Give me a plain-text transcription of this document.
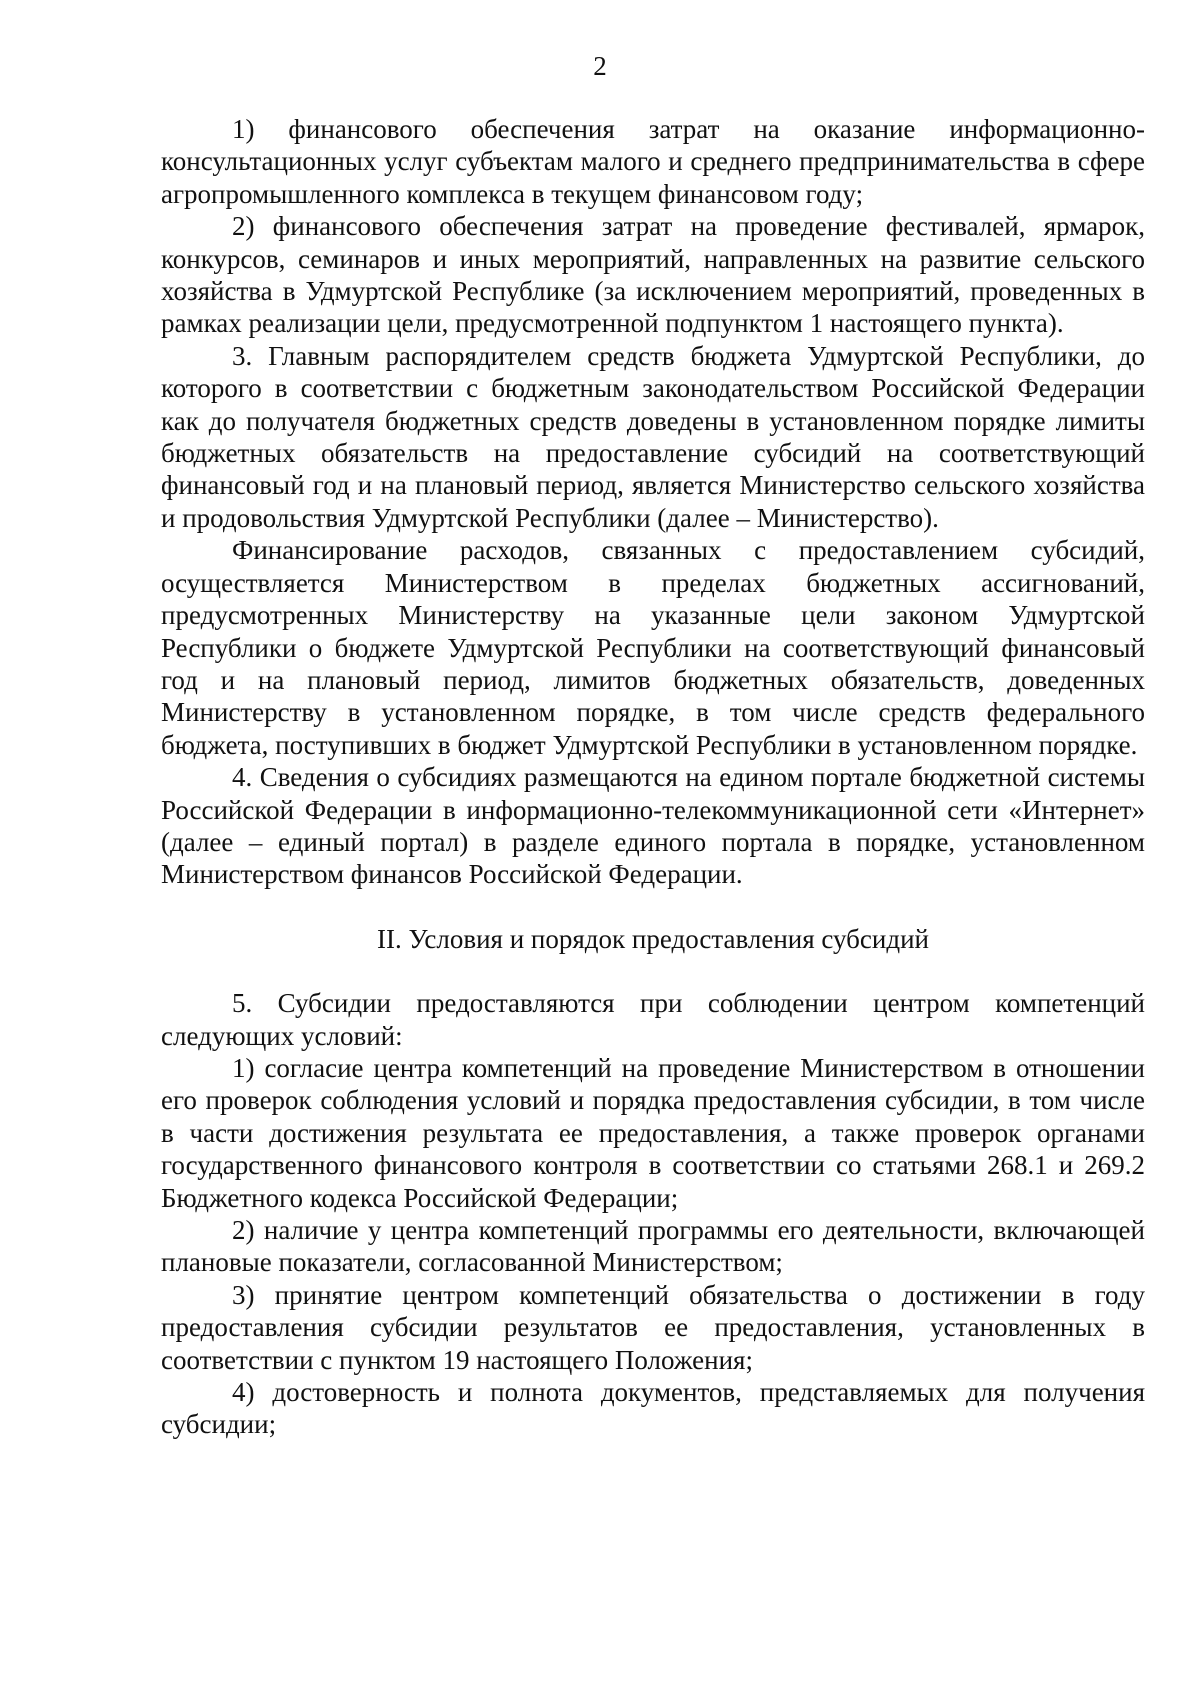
2

1) финансового обеспечения затрат на оказание информационно-консультационных услуг субъектам малого и среднего предпринимательства в сфере агропромышленного комплекса в текущем финансовом году;

2) финансового обеспечения затрат на проведение фестивалей, ярмарок, конкурсов, семинаров и иных мероприятий, направленных на развитие сельского хозяйства в Удмуртской Республике (за исключением мероприятий, проведенных в рамках реализации цели, предусмотренной подпунктом 1 настоящего пункта).

3. Главным распорядителем средств бюджета Удмуртской Республики, до которого в соответствии с бюджетным законодательством Российской Федерации как до получателя бюджетных средств доведены в установленном порядке лимиты бюджетных обязательств на предоставление субсидий на соответствующий финансовый год и на плановый период, является Министерство сельского хозяйства и продовольствия Удмуртской Республики (далее – Министерство).

Финансирование расходов, связанных с предоставлением субсидий, осуществляется Министерством в пределах бюджетных ассигнований, предусмотренных Министерству на указанные цели законом Удмуртской Республики о бюджете Удмуртской Республики на соответствующий финансовый год и на плановый период, лимитов бюджетных обязательств, доведенных Министерству в установленном порядке, в том числе средств федерального бюджета, поступивших в бюджет Удмуртской Республики в установленном порядке.

4. Сведения о субсидиях размещаются на едином портале бюджетной системы Российской Федерации в информационно-телекоммуникационной сети «Интернет» (далее – единый портал) в разделе единого портала в порядке, установленном Министерством финансов Российской Федерации.

II. Условия и порядок предоставления субсидий

5. Субсидии предоставляются при соблюдении центром компетенций следующих условий:

1) согласие центра компетенций на проведение Министерством в отношении его проверок соблюдения условий и порядка предоставления субсидии, в том числе в части достижения результата ее предоставления, а также проверок органами государственного финансового контроля в соответствии со статьями 268.1 и 269.2 Бюджетного кодекса Российской Федерации;

2) наличие у центра компетенций программы его деятельности, включающей плановые показатели, согласованной Министерством;

3) принятие центром компетенций обязательства о достижении в году предоставления субсидии результатов ее предоставления, установленных в соответствии с пунктом 19 настоящего Положения;

4) достоверность и полнота документов, представляемых для получения субсидии;
